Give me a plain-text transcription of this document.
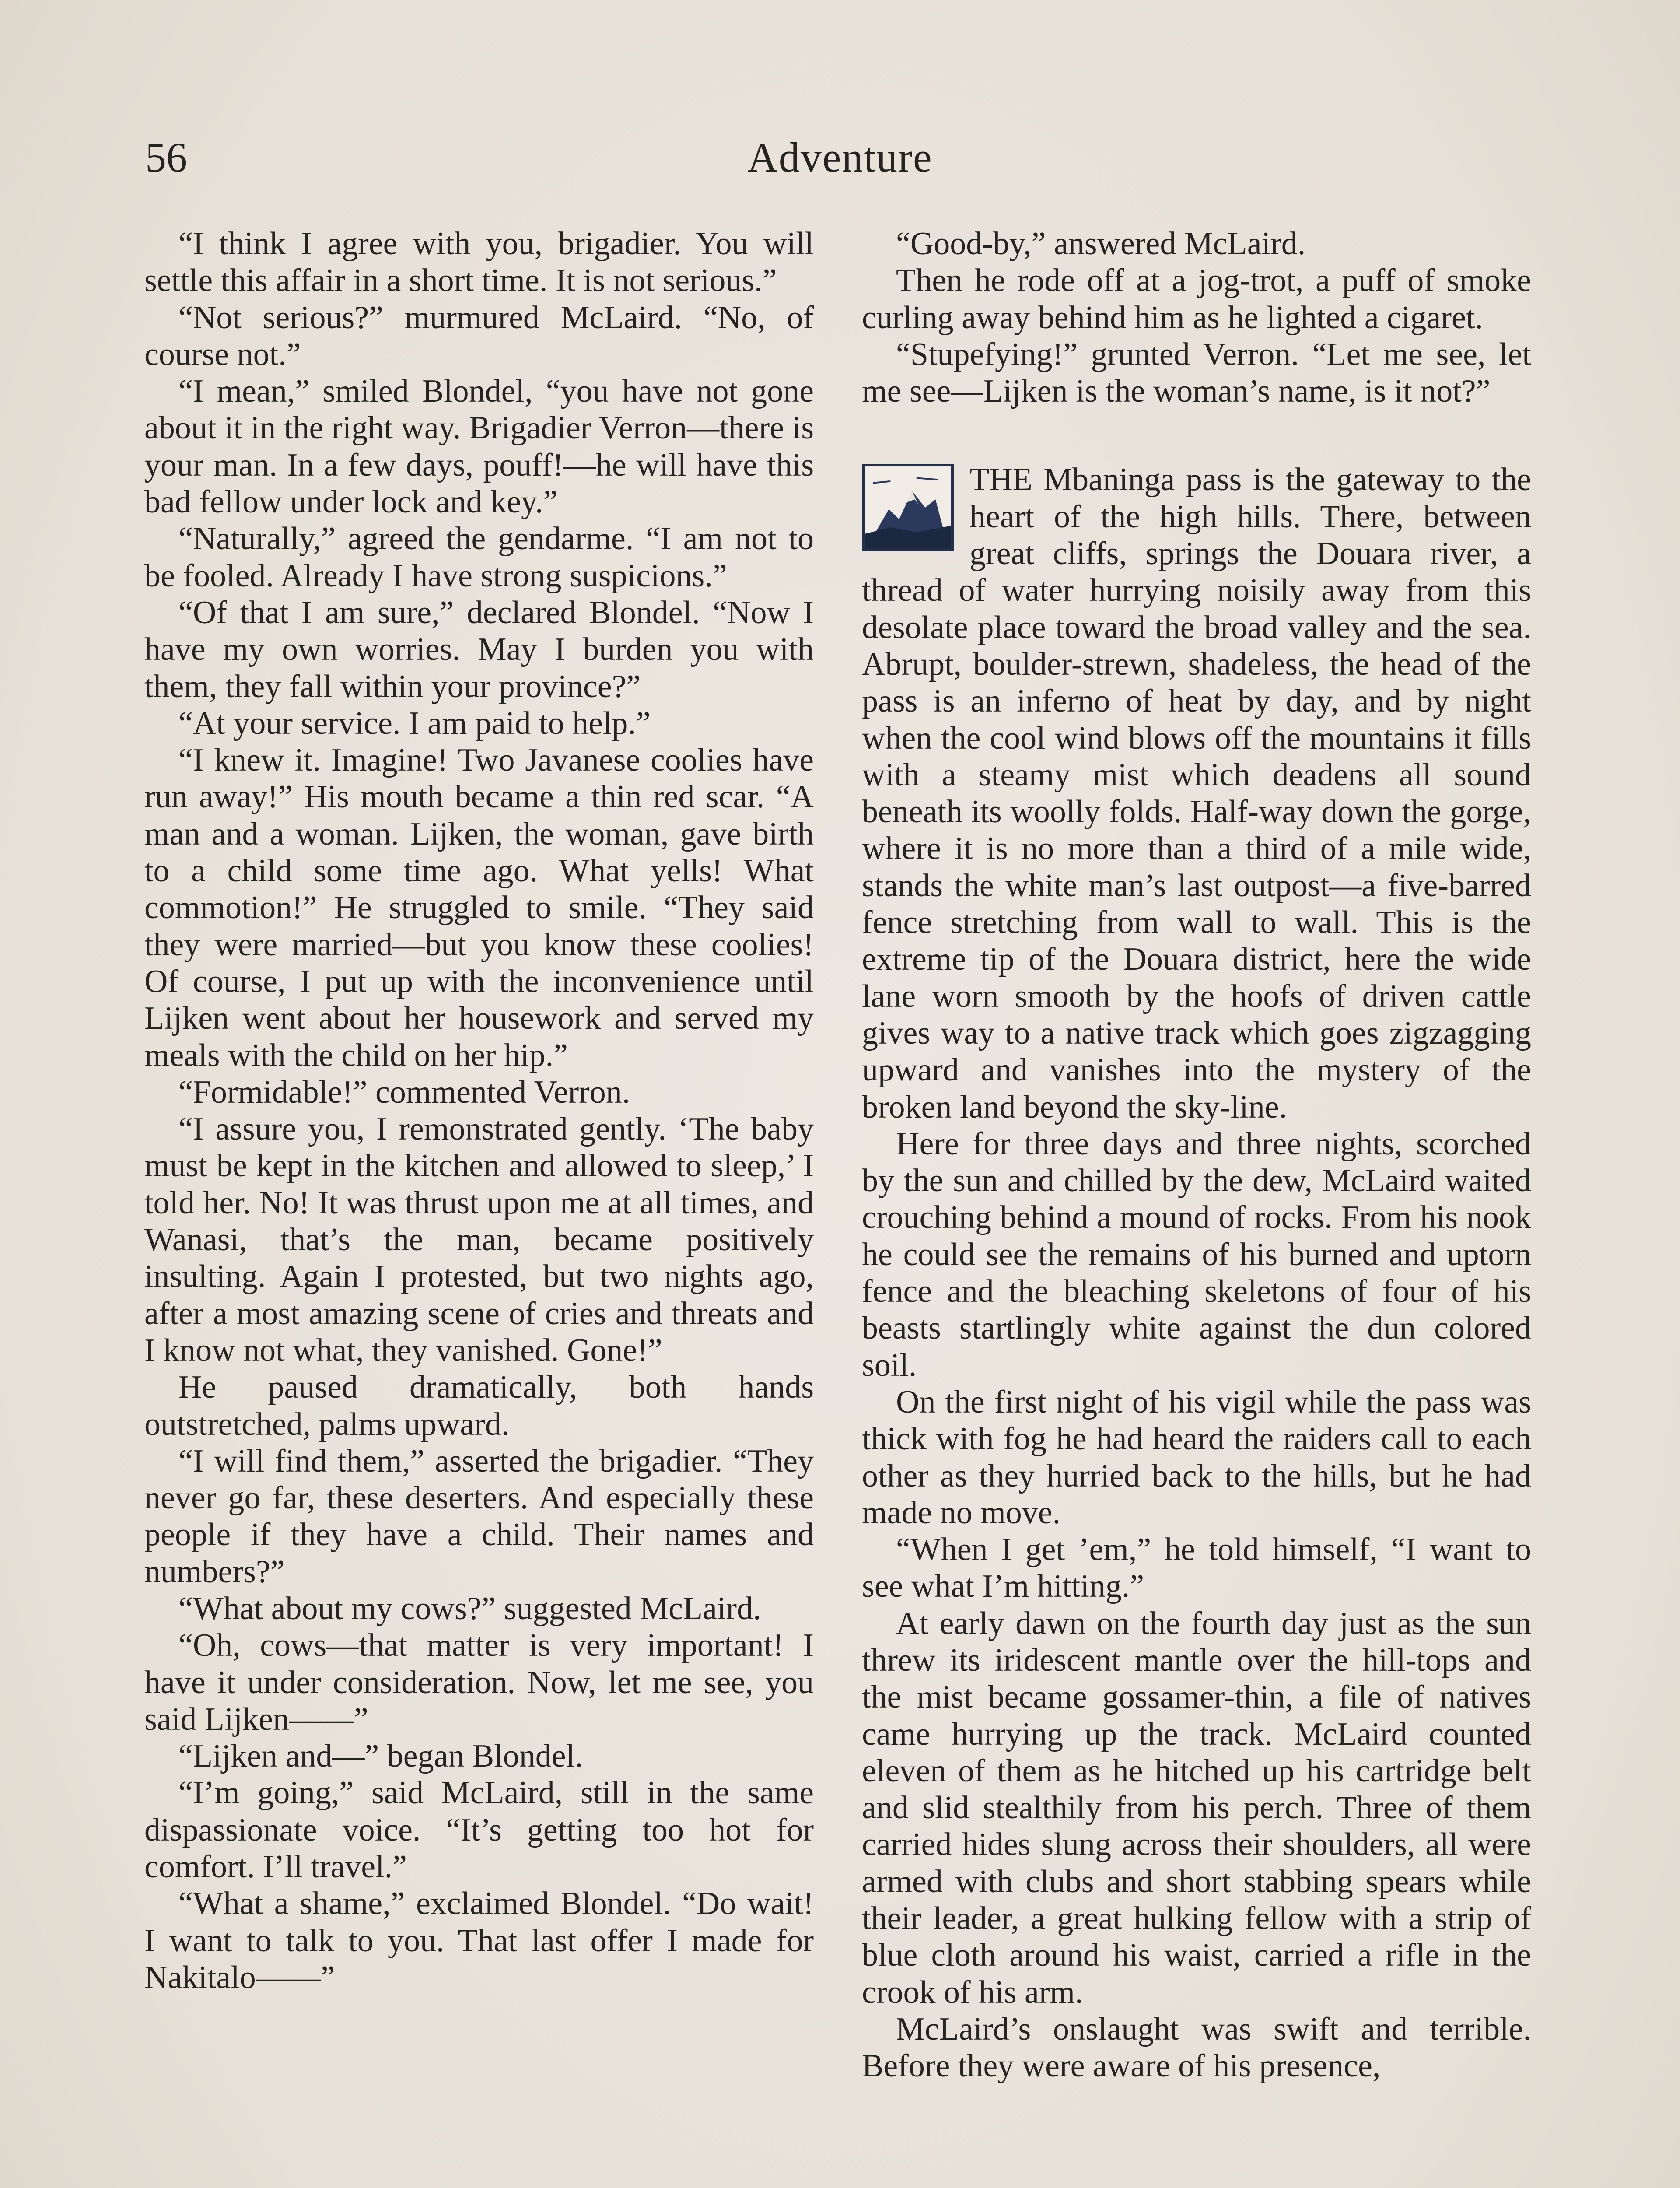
56	Adventure

“I think I agree with you, brigadier. You will settle this affair in a short time. It is not serious.”

“Not serious?” murmured McLaird. “No, of course not.”

“I mean,” smiled Blondel, “you have not gone about it in the right way. Brigadier Verron—there is your man. In a few days, pouff!—he will have this bad fellow under lock and key.”

“Naturally,” agreed the gendarme. “I am not to be fooled. Already I have strong suspicions.”

“Of that I am sure,” declared Blondel. “Now I have my own worries. May I burden you with them, they fall within your province?”

“At your service. I am paid to help.”

“I knew it. Imagine! Two Javanese coolies have run away!” His mouth became a thin red scar. “A man and a woman. Lijken, the woman, gave birth to a child some time ago. What yells! What commotion!” He struggled to smile. “They said they were married—but you know these coolies! Of course, I put up with the inconvenience until Lijken went about her housework and served my meals with the child on her hip.”

“Formidable!” commented Verron.

“I assure you, I remonstrated gently. ‘The baby must be kept in the kitchen and allowed to sleep,’ I told her. No! It was thrust upon me at all times, and Wanasi, that’s the man, became positively insulting. Again I protested, but two nights ago, after a most amazing scene of cries and threats and I know not what, they vanished. Gone!”

He paused dramatically, both hands outstretched, palms upward.

“I will find them,” asserted the brigadier. “They never go far, these deserters. And especially these people if they have a child. Their names and numbers?”

“What about my cows?” suggested McLaird.

“Oh, cows—that matter is very important! I have it under consideration. Now, let me see, you said Lijken——”

“Lijken and—” began Blondel.

“I’m going,” said McLaird, still in the same dispassionate voice. “It’s getting too hot for comfort. I’ll travel.”

“What a shame,” exclaimed Blondel. “Do wait! I want to talk to you. That last offer I made for Nakitalo——”

“Good-by,” answered McLaird.

Then he rode off at a jog-trot, a puff of smoke curling away behind him as he lighted a cigaret.

“Stupefying!” grunted Verron. “Let me see, let me see—Lijken is the woman’s name, is it not?”

THE Mbaninga pass is the gateway to the heart of the high hills. There, between great cliffs, springs the Douara river, a thread of water hurrying noisily away from this desolate place toward the broad valley and the sea. Abrupt, boulder-strewn, shadeless, the head of the pass is an inferno of heat by day, and by night when the cool wind blows off the mountains it fills with a steamy mist which deadens all sound beneath its woolly folds. Half-way down the gorge, where it is no more than a third of a mile wide, stands the white man’s last outpost—a five-barred fence stretching from wall to wall. This is the extreme tip of the Douara district, here the wide lane worn smooth by the hoofs of driven cattle gives way to a native track which goes zigzagging upward and vanishes into the mystery of the broken land beyond the sky-line.

Here for three days and three nights, scorched by the sun and chilled by the dew, McLaird waited crouching behind a mound of rocks. From his nook he could see the remains of his burned and uptorn fence and the bleaching skeletons of four of his beasts startlingly white against the dun colored soil.

On the first night of his vigil while the pass was thick with fog he had heard the raiders call to each other as they hurried back to the hills, but he had made no move.

“When I get ’em,” he told himself, “I want to see what I’m hitting.”

At early dawn on the fourth day just as the sun threw its iridescent mantle over the hill-tops and the mist became gossamer-thin, a file of natives came hurrying up the track. McLaird counted eleven of them as he hitched up his cartridge belt and slid stealthily from his perch. Three of them carried hides slung across their shoulders, all were armed with clubs and short stabbing spears while their leader, a great hulking fellow with a strip of blue cloth around his waist, carried a rifle in the crook of his arm.

McLaird’s onslaught was swift and terrible. Before they were aware of his presence,
